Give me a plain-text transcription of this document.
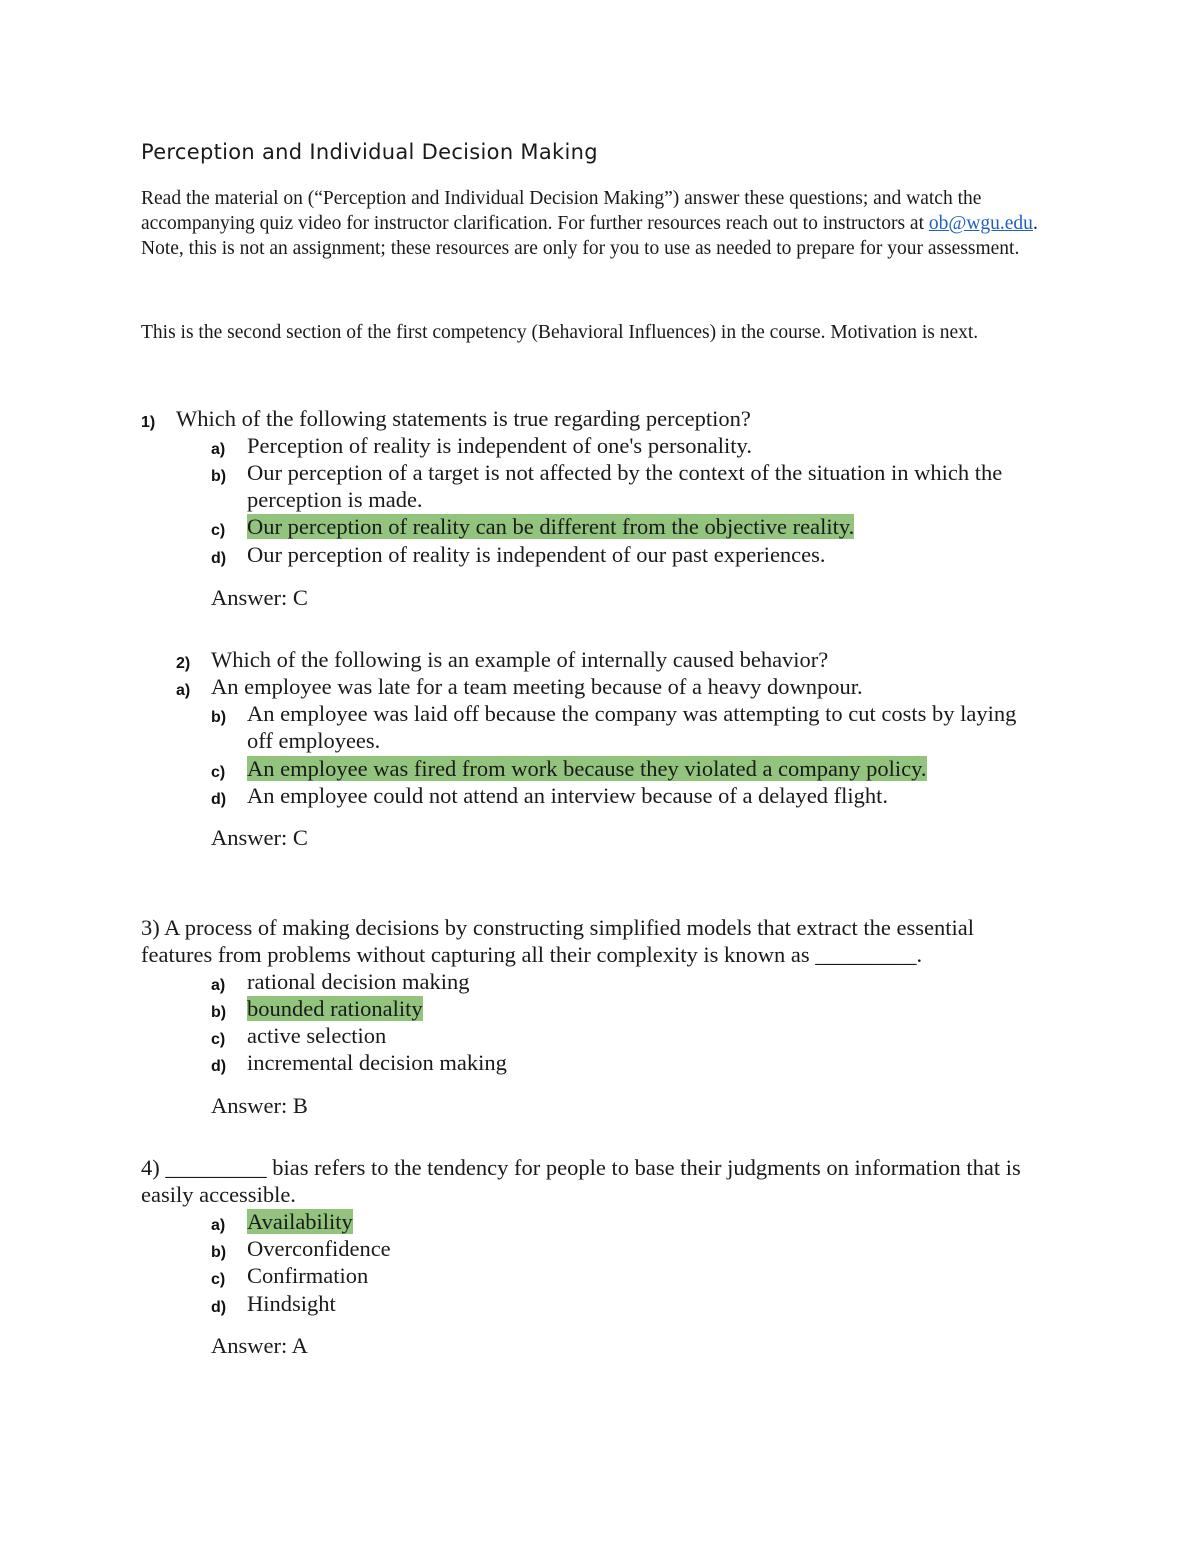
Perception and Individual Decision Making
Read the material on (“Perception and Individual Decision Making”) answer these questions; and watch the accompanying quiz video for instructor clarification. For further resources reach out to instructors at ob@wgu.edu. Note, this is not an assignment; these resources are only for you to use as needed to prepare for your assessment.
This is the second section of the first competency (Behavioral Influences) in the course. Motivation is next.
1) Which of the following statements is true regarding perception?
a) Perception of reality is independent of one's personality.
b) Our perception of a target is not affected by the context of the situation in which the
perception is made.
c) Our perception of reality can be different from the objective reality.
d) Our perception of reality is independent of our past experiences.
Answer: C
2) Which of the following is an example of internally caused behavior?
a) An employee was late for a team meeting because of a heavy downpour.
b) An employee was laid off because the company was attempting to cut costs by laying
off employees.
c) An employee was fired from work because they violated a company policy.
d) An employee could not attend an interview because of a delayed flight.
Answer: C
3) A process of making decisions by constructing simplified models that extract the essential
features from problems without capturing all their complexity is known as _________.
a) rational decision making
b) bounded rationality
c) active selection
d) incremental decision making
Answer: B
4) _________ bias refers to the tendency for people to base their judgments on information that is
easily accessible.
a) Availability
b) Overconfidence
c) Confirmation
d) Hindsight
Answer: A
